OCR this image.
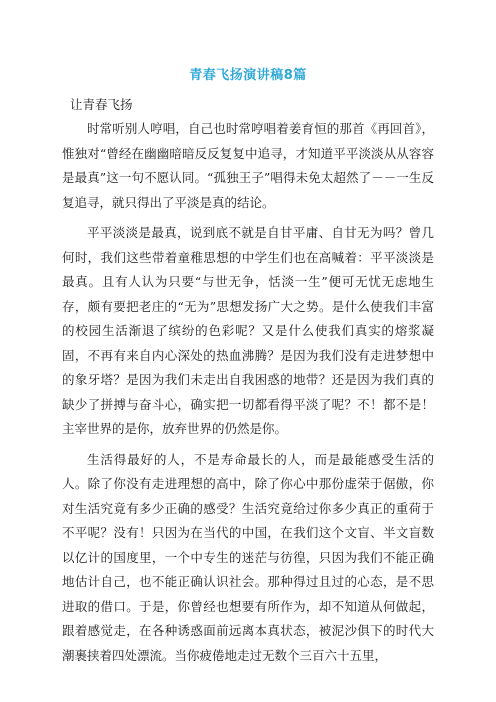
青春飞扬演讲稿8篇
让青春飞扬

时常听别人哼唱，自己也时常哼唱着姜育恒的那首《再回首》，惟独对“曾经在幽幽暗暗反反复复中追寻，才知道平平淡淡从从容容是最真”这一句不愿认同。“孤独王子”唱得未免太超然了－－一生反复追寻，就只得出了平淡是真的结论。

平平淡淡是最真，说到底不就是自甘平庸、自甘无为吗？曾几何时，我们这些带着童稚思想的中学生们也在高喊着：平平淡淡是最真。且有人认为只要“与世无争，恬淡一生”便可无忧无虑地生存，颇有要把老庄的“无为”思想发扬广大之势。是什么使我们丰富的校园生活渐退了缤纷的色彩呢？又是什么使我们真实的熔浆凝固，不再有来自内心深处的热血沸腾？是因为我们没有走进梦想中的象牙塔？是因为我们未走出自我困惑的地带？还是因为我们真的缺少了拼搏与奋斗心，确实把一切都看得平淡了呢？不！都不是！主宰世界的是你，放弃世界的仍然是你。

生活得最好的人，不是寿命最长的人，而是最能感受生活的人。除了你没有走进理想的高中，除了你心中那份虚荣于倨傲，你对生活究竟有多少正确的感受？生活究竟给过你多少真正的重荷于不平呢？没有！只因为在当代的中国，在我们这个文盲、半文盲数以亿计的国度里，一个中专生的迷茫与彷徨，只因为我们不能正确地估计自己，也不能正确认识社会。那种得过且过的心态，是不思进取的借口。于是，你曾经也想要有所作为，却不知道从何做起，跟着感觉走，在各种诱惑面前远离本真状态，被泥沙俱下的时代大潮裹挟着四处漂流。当你疲倦地走过无数个三百六十五里，
